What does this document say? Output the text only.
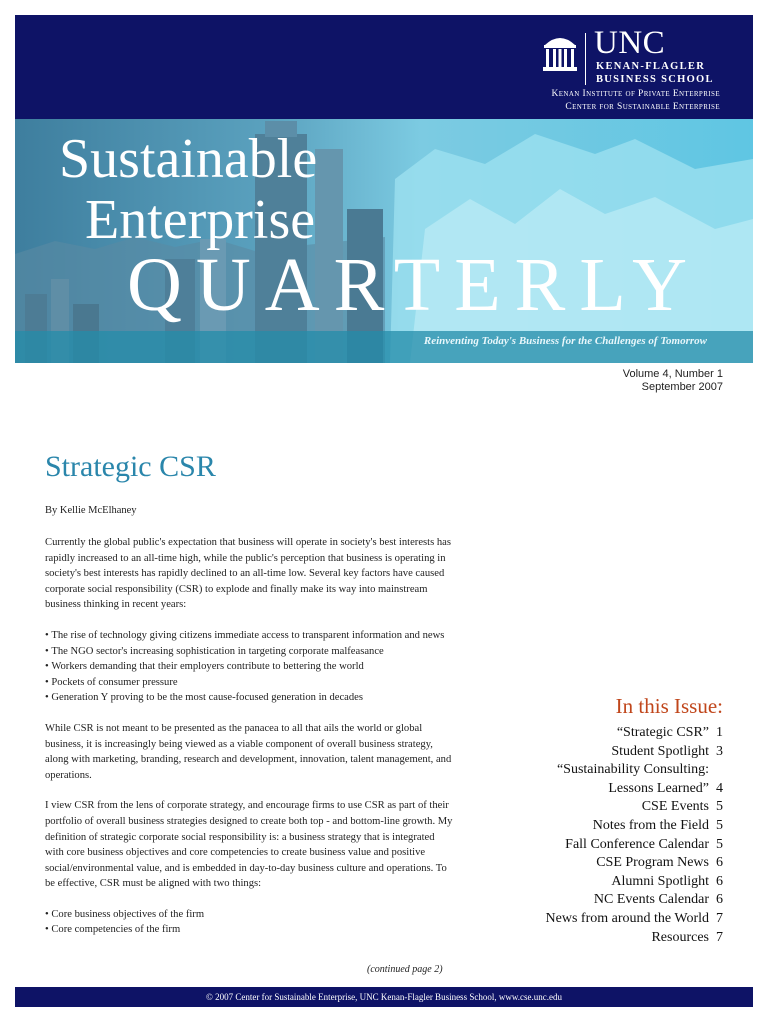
UNC
KENAN-FLAGLER
BUSINESS SCHOOL
Kenan Institute of Private Enterprise
Center for Sustainable Enterprise
Sustainable
Enterprise
QUARTERLY
Reinventing Today's Business for the Challenges of Tomorrow
Volume 4, Number 1
September 2007
Strategic CSR
By Kellie McElhaney

Currently the global public's expectation that business will operate in society's best interests has rapidly increased to an all-time high, while the public's perception that business is operating in society's best interests has rapidly declined to an all-time low. Several key factors have caused corporate social responsibility (CSR) to explode and finally make its way into mainstream business thinking in recent years:

• The rise of technology giving citizens immediate access to transparent information and news
• The NGO sector's increasing sophistication in targeting corporate malfeasance
• Workers demanding that their employers contribute to bettering the world
• Pockets of consumer pressure
• Generation Y proving to be the most cause-focused generation in decades

While CSR is not meant to be presented as the panacea to all that ails the world or global business, it is increasingly being viewed as a viable component of overall business strategy, along with marketing, branding, research and development, innovation, talent management, and operations.

I view CSR from the lens of corporate strategy, and encourage firms to use CSR as part of their portfolio of overall business strategies designed to create both top - and bottom-line growth. My definition of strategic corporate social responsibility is: a business strategy that is integrated with core business objectives and core competencies to create business value and positive social/environmental value, and is embedded in day-to-day business culture and operations. To be effective, CSR must be aligned with two things:

• Core business objectives of the firm
• Core competencies of the firm
(continued page 2)
In this Issue:
“Strategic CSR” 1
Student Spotlight 3
“Sustainability Consulting:
Lessons Learned” 4
CSE Events 5
Notes from the Field 5
Fall Conference Calendar 5
CSE Program News 6
Alumni Spotlight 6
NC Events Calendar 6
News from around the World 7
Resources 7
© 2007 Center for Sustainable Enterprise, UNC Kenan-Flagler Business School, www.cse.unc.edu
